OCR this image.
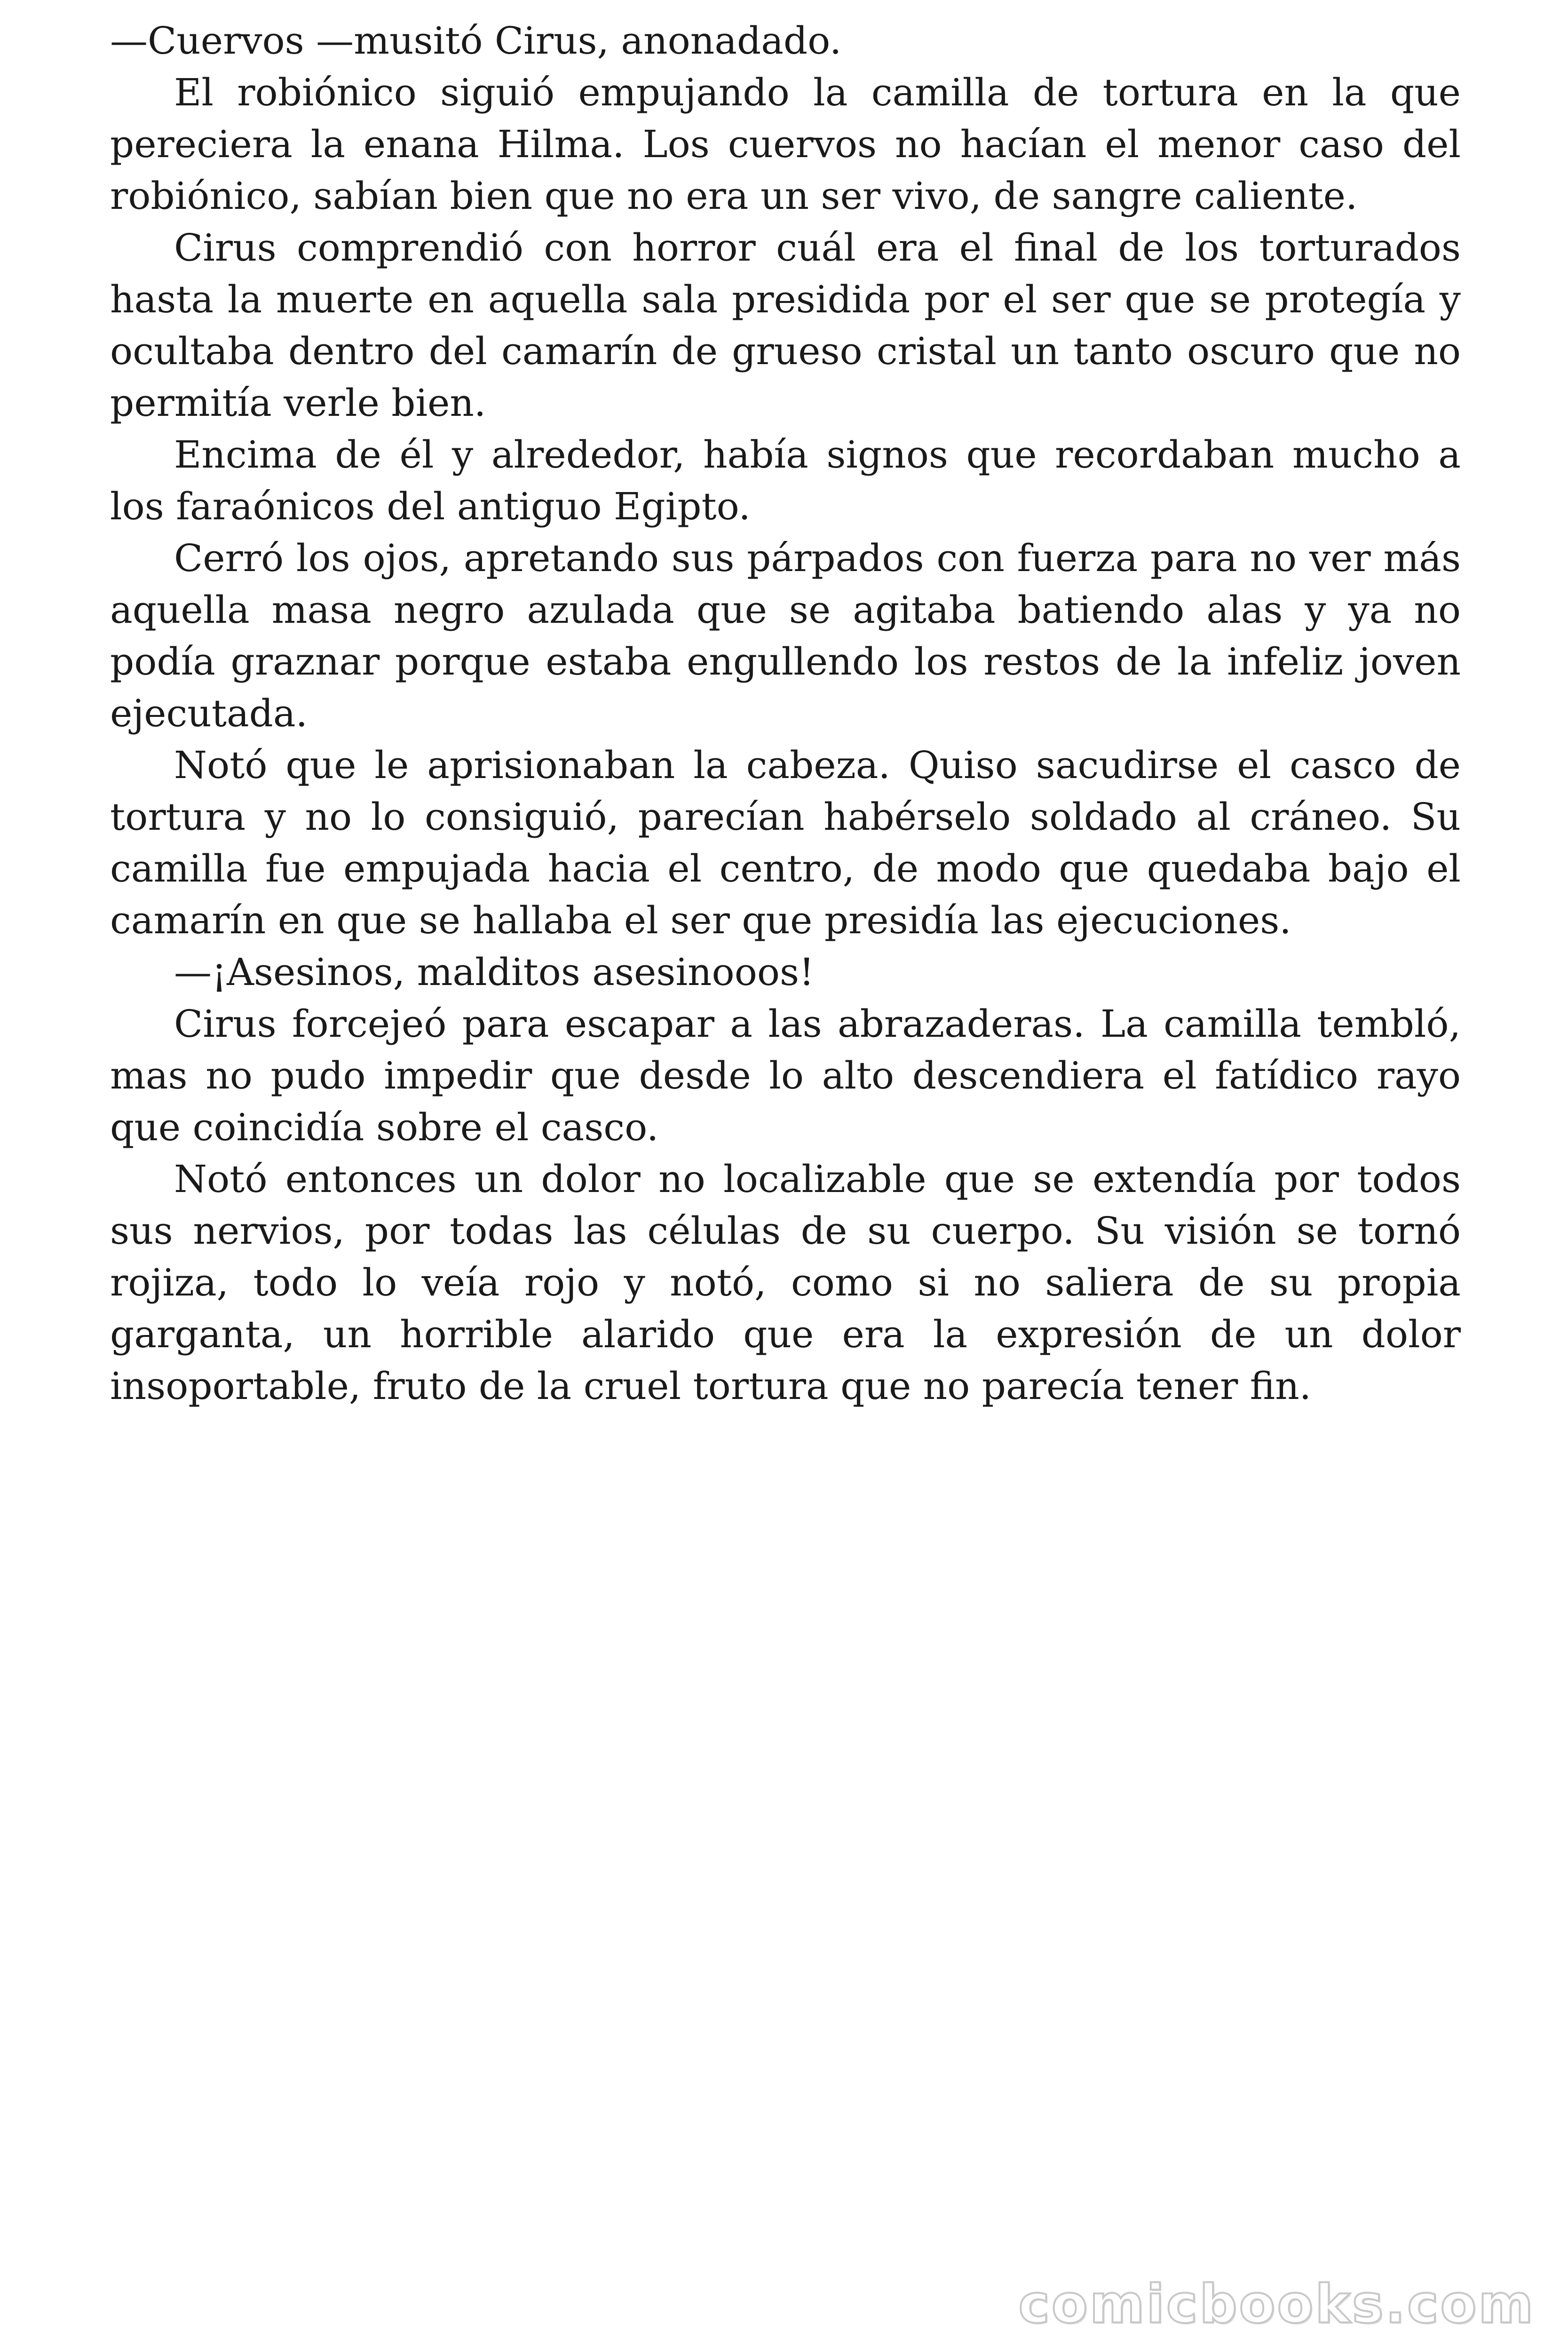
—Cuervos —musitó Cirus, anonadado.

El robiónico siguió empujando la camilla de tortura en la que pereciera la enana Hilma. Los cuervos no hacían el menor caso del robiónico, sabían bien que no era un ser vivo, de sangre caliente.

Cirus comprendió con horror cuál era el final de los torturados hasta la muerte en aquella sala presidida por el ser que se protegía y ocultaba dentro del camarín de grueso cristal un tanto oscuro que no permitía verle bien.

Encima de él y alrededor, había signos que recordaban mucho a los faraónicos del antiguo Egipto.

Cerró los ojos, apretando sus párpados con fuerza para no ver más aquella masa negro azulada que se agitaba batiendo alas y ya no podía graznar porque estaba engullendo los restos de la infeliz joven ejecutada.

Notó que le aprisionaban la cabeza. Quiso sacudirse el casco de tortura y no lo consiguió, parecían habérselo soldado al cráneo. Su camilla fue empujada hacia el centro, de modo que quedaba bajo el camarín en que se hallaba el ser que presidía las ejecuciones.

—¡Asesinos, malditos asesinooos!

Cirus forcejeó para escapar a las abrazaderas. La camilla tembló, mas no pudo impedir que desde lo alto descendiera el fatídico rayo que coincidía sobre el casco.

Notó entonces un dolor no localizable que se extendía por todos sus nervios, por todas las células de su cuerpo. Su visión se tornó rojiza, todo lo veía rojo y notó, como si no saliera de su propia garganta, un horrible alarido que era la expresión de un dolor insoportable, fruto de la cruel tortura que no parecía tener fin.

comicbooks.com
